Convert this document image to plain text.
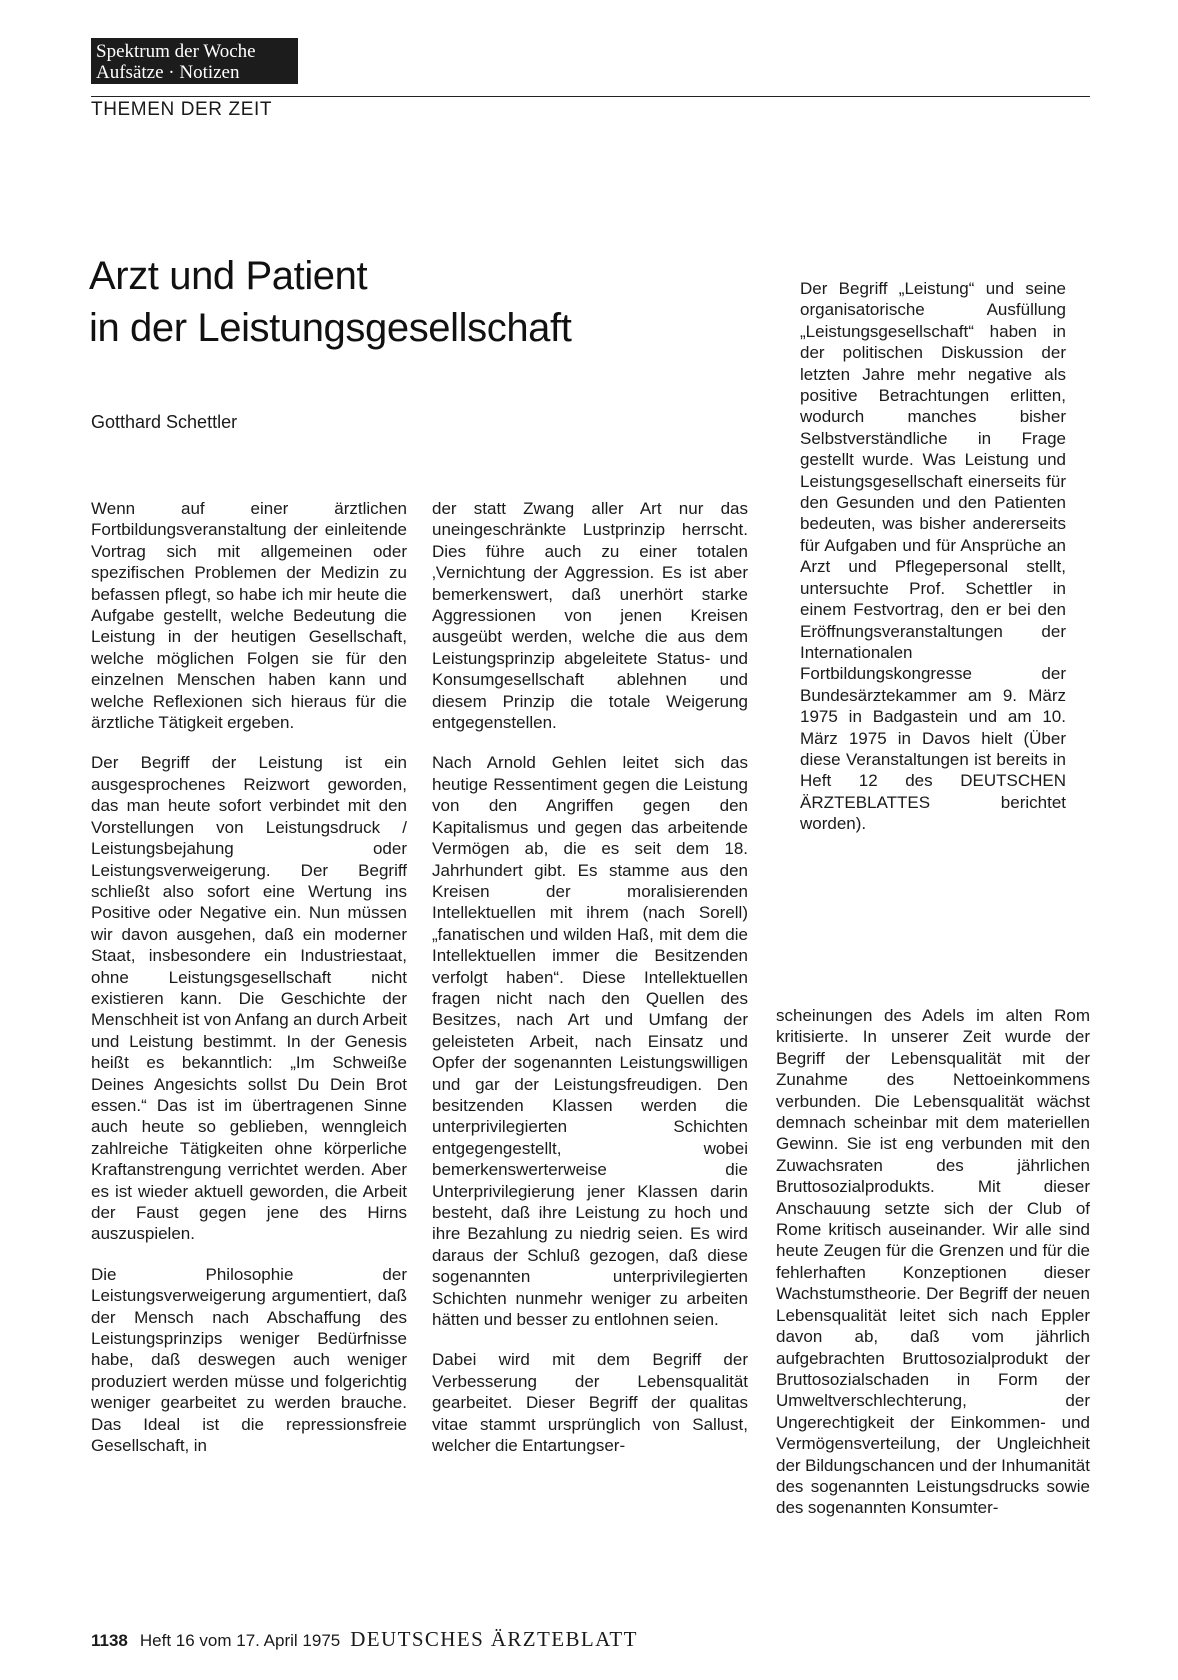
Spektrum der Woche
Aufsätze · Notizen
THEMEN DER ZEIT
Arzt und Patient
in der Leistungsgesellschaft
Gotthard Schettler

Der Begriff „Leistung“ und seine organisatorische Ausfüllung „Leistungsgesellschaft“ haben in der politischen Diskussion der letzten Jahre mehr negative als positive Betrachtungen erlitten, wodurch manches bisher Selbstverständliche in Frage gestellt wurde. Was Leistung und Leistungsgesellschaft einerseits für den Gesunden und den Patienten bedeuten, was bisher andererseits für Aufgaben und für Ansprüche an Arzt und Pflegepersonal stellt, untersuchte Prof. Schettler in einem Festvortrag, den er bei den Eröffnungsveranstaltungen der Internationalen Fortbildungskongresse der Bundesärztekammer am 9. März 1975 in Badgastein und am 10. März 1975 in Davos hielt (Über diese Veranstaltungen ist bereits in Heft 12 des DEUTSCHEN ÄRZTEBLATTES berichtet worden).

Wenn auf einer ärztlichen Fortbildungsveranstaltung der einleitende Vortrag sich mit allgemeinen oder spezifischen Problemen der Medizin zu befassen pflegt, so habe ich mir heute die Aufgabe gestellt, welche Bedeutung die Leistung in der heutigen Gesellschaft, welche möglichen Folgen sie für den einzelnen Menschen haben kann und welche Reflexionen sich hieraus für die ärztliche Tätigkeit ergeben.

Der Begriff der Leistung ist ein ausgesprochenes Reizwort geworden, das man heute sofort verbindet mit den Vorstellungen von Leistungsdruck / Leistungsbejahung oder Leistungsverweigerung. Der Begriff schließt also sofort eine Wertung ins Positive oder Negative ein. Nun müssen wir davon ausgehen, daß ein moderner Staat, insbesondere ein Industriestaat, ohne Leistungsgesellschaft nicht existieren kann. Die Geschichte der Menschheit ist von Anfang an durch Arbeit und Leistung bestimmt. In der Genesis heißt es bekanntlich: „Im Schweiße Deines Angesichts sollst Du Dein Brot essen.“ Das ist im übertragenen Sinne auch heute so geblieben, wenngleich zahlreiche Tätigkeiten ohne körperliche Kraftanstrengung verrichtet werden. Aber es ist wieder aktuell geworden, die Arbeit der Faust gegen jene des Hirns auszuspielen.

Die Philosophie der Leistungsverweigerung argumentiert, daß der Mensch nach Abschaffung des Leistungsprinzips weniger Bedürfnisse habe, daß deswegen auch weniger produziert werden müsse und folgerichtig weniger gearbeitet zu werden brauche. Das Ideal ist die repressionsfreie Gesellschaft, in

der statt Zwang aller Art nur das uneingeschränkte Lustprinzip herrscht. Dies führe auch zu einer totalen ‚Vernichtung der Aggression. Es ist aber bemerkenswert, daß unerhört starke Aggressionen von jenen Kreisen ausgeübt werden, welche die aus dem Leistungsprinzip abgeleitete Status- und Konsumgesellschaft ablehnen und diesem Prinzip die totale Weigerung entgegenstellen.

Nach Arnold Gehlen leitet sich das heutige Ressentiment gegen die Leistung von den Angriffen gegen den Kapitalismus und gegen das arbeitende Vermögen ab, die es seit dem 18. Jahrhundert gibt. Es stamme aus den Kreisen der moralisierenden Intellektuellen mit ihrem (nach Sorell) „fanatischen und wilden Haß, mit dem die Intellektuellen immer die Besitzenden verfolgt haben“. Diese Intellektuellen fragen nicht nach den Quellen des Besitzes, nach Art und Umfang der geleisteten Arbeit, nach Einsatz und Opfer der sogenannten Leistungswilligen und gar der Leistungsfreudigen. Den besitzenden Klassen werden die unterprivilegierten Schichten entgegengestellt, wobei bemerkenswerterweise die Unterprivilegierung jener Klassen darin besteht, daß ihre Leistung zu hoch und ihre Bezahlung zu niedrig seien. Es wird daraus der Schluß gezogen, daß diese sogenannten unterprivilegierten Schichten nunmehr weniger zu arbeiten hätten und besser zu entlohnen seien.

Dabei wird mit dem Begriff der Verbesserung der Lebensqualität gearbeitet. Dieser Begriff der qualitas vitae stammt ursprünglich von Sallust, welcher die Entartungser-

scheinungen des Adels im alten Rom kritisierte. In unserer Zeit wurde der Begriff der Lebensqualität mit der Zunahme des Nettoeinkommens verbunden. Die Lebensqualität wächst demnach scheinbar mit dem materiellen Gewinn. Sie ist eng verbunden mit den Zuwachsraten des jährlichen Bruttosozialprodukts. Mit dieser Anschauung setzte sich der Club of Rome kritisch auseinander. Wir alle sind heute Zeugen für die Grenzen und für die fehlerhaften Konzeptionen dieser Wachstumstheorie. Der Begriff der neuen Lebensqualität leitet sich nach Eppler davon ab, daß vom jährlich aufgebrachten Bruttosozialprodukt der Bruttosozialschaden in Form der Umweltverschlechterung, der Ungerechtigkeit der Einkommen- und Vermögensverteilung, der Ungleichheit der Bildungschancen und der Inhumanität des sogenannten Leistungsdrucks sowie des sogenannten Konsumter-

1138 Heft 16 vom 17. April 1975 DEUTSCHES ÄRZTEBLATT
